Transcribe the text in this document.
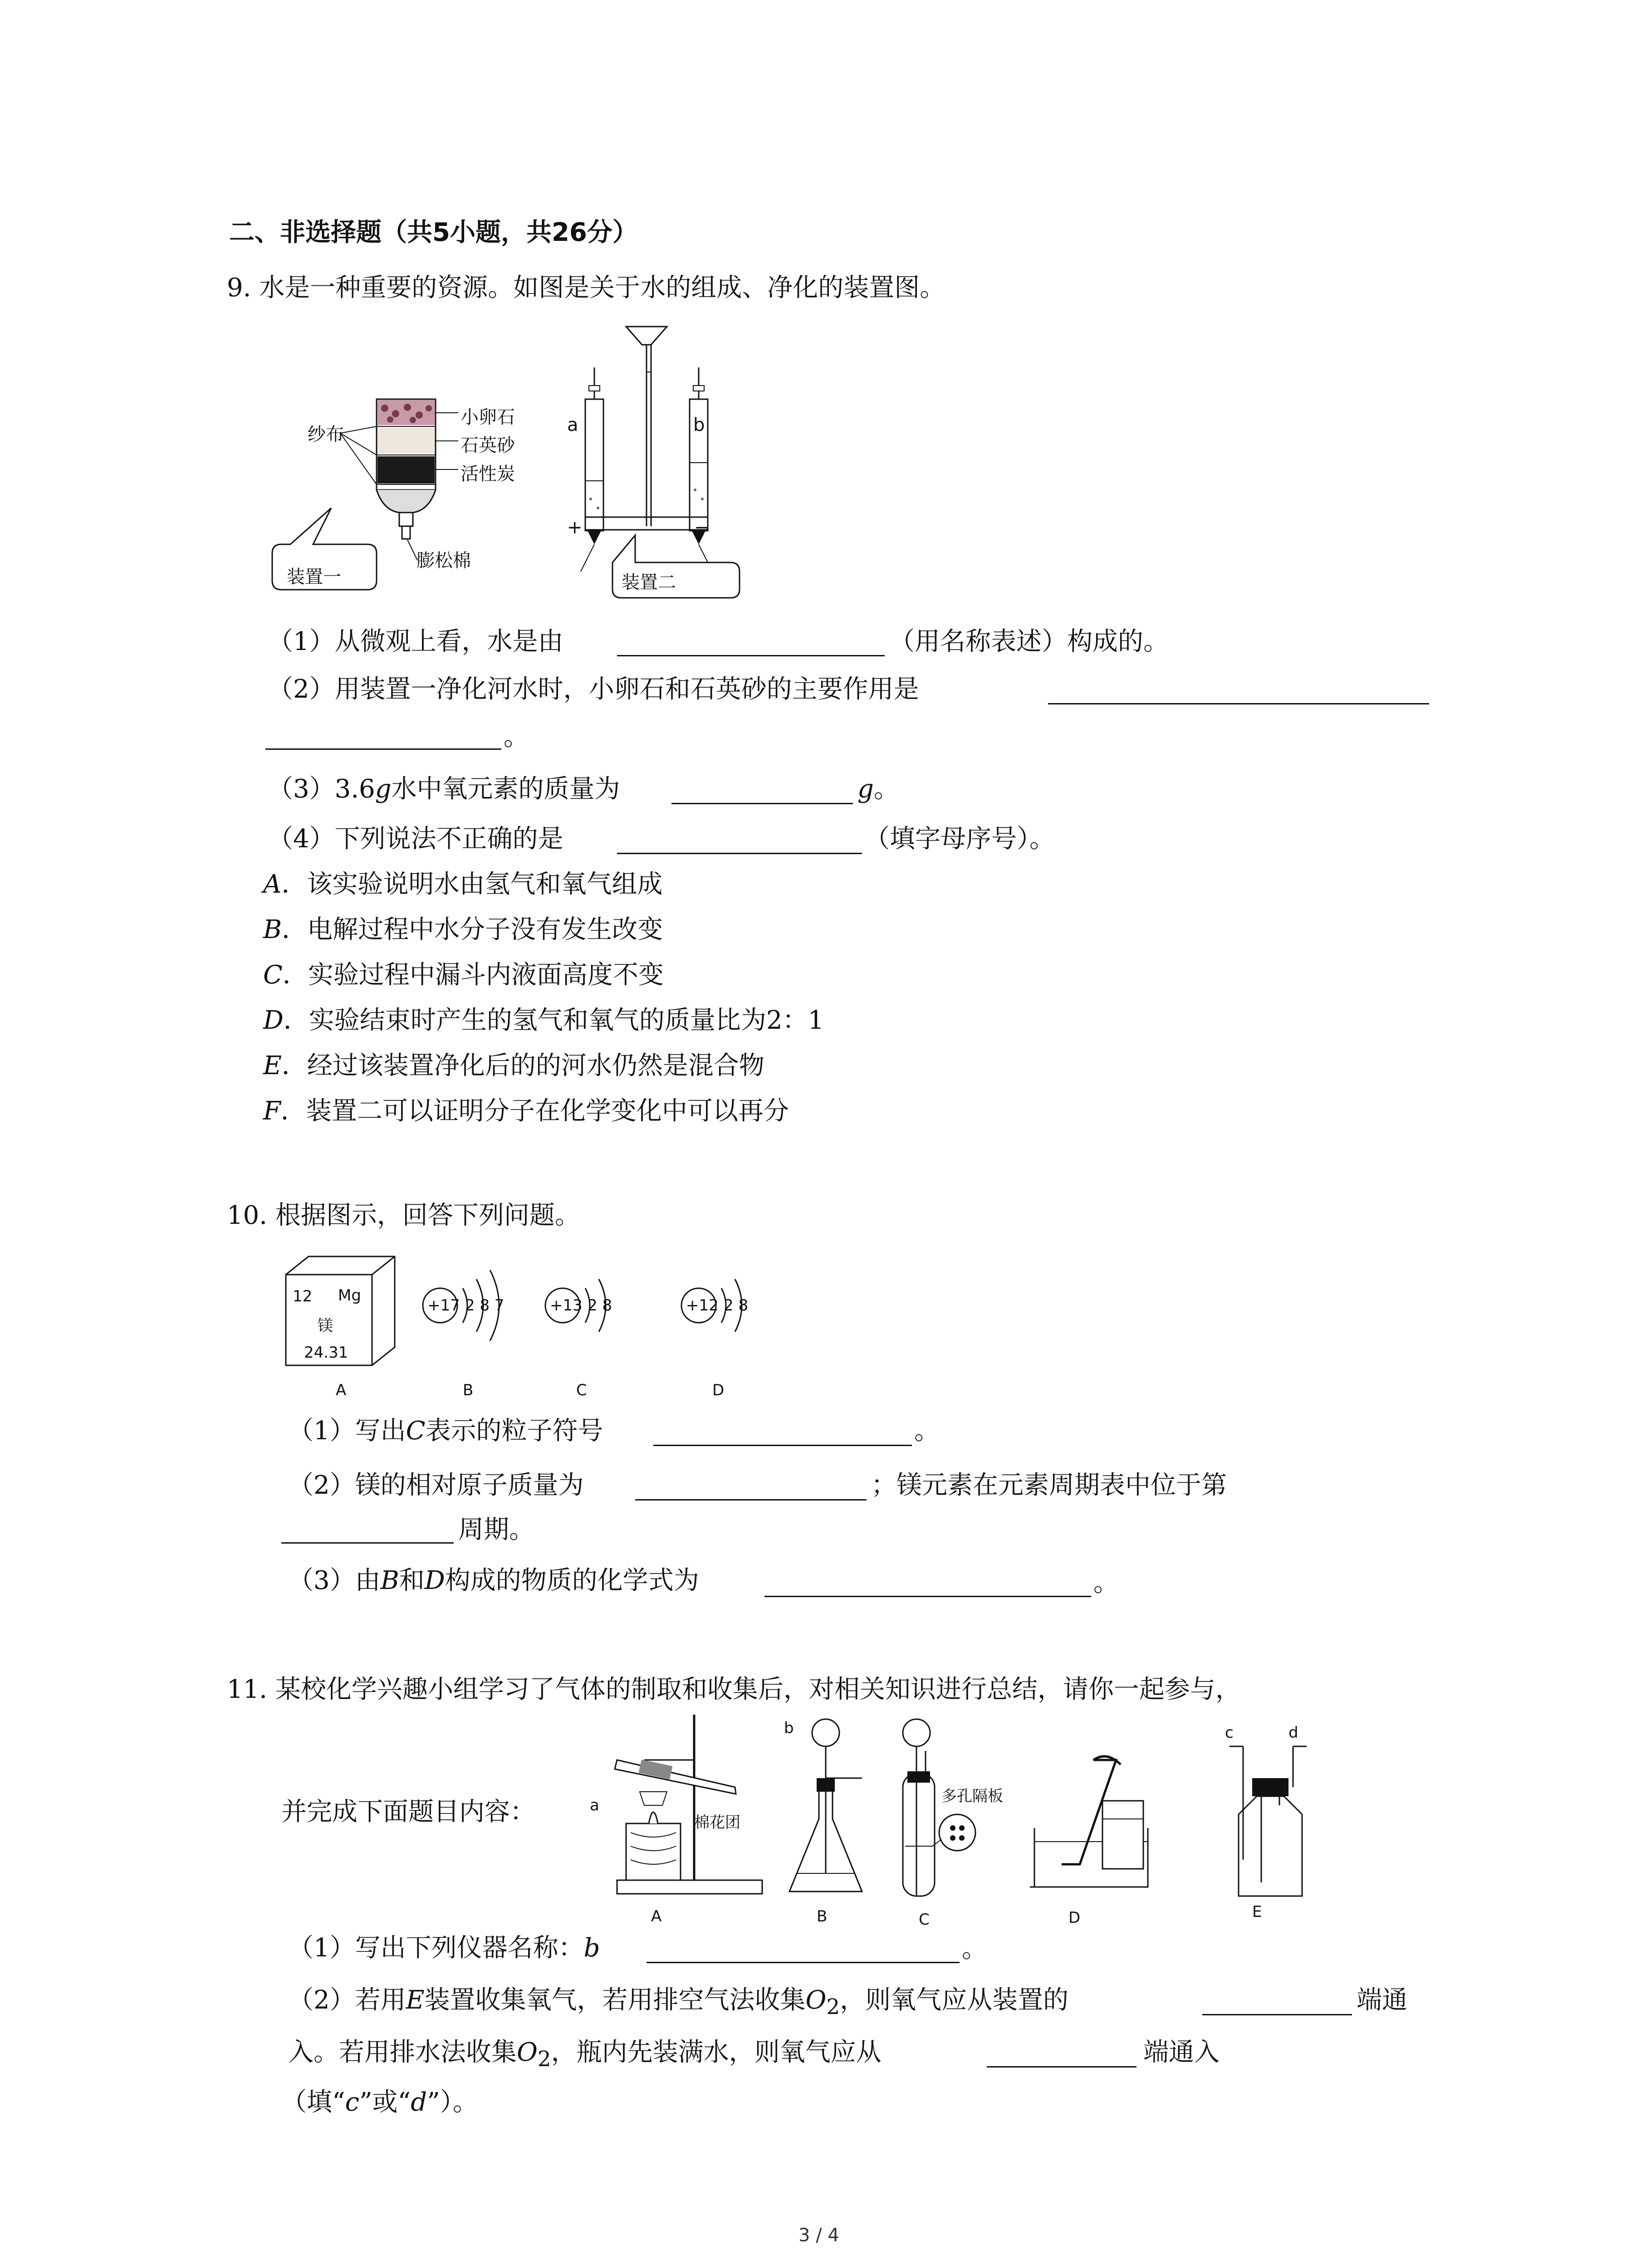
二、非选择题（共5小题，共26分）
9. 水是一种重要的资源。如图是关于水的组成、净化的装置图。
纱布
小卵石
石英砂
活性炭
膨松棉
装置一
a	b
+	−
装置二
（1）从微观上看，水是由	（用名称表述）构成的。
（2）用装置一净化河水时，小卵石和石英砂的主要作用是
。
（3）3.6g水中氧元素的质量为	g。
（4）下列说法不正确的是	（填字母序号）。
A．该实验说明水由氢气和氧气组成
B．电解过程中水分子没有发生改变
C．实验过程中漏斗内液面高度不变
D．实验结束时产生的氢气和氧气的质量比为2：1
E．经过该装置净化后的的河水仍然是混合物
F．装置二可以证明分子在化学变化中可以再分
10. 根据图示，回答下列问题。
12 Mg
镁
24.31
A
+17 2 8 7
B
+13 2 8
C
+12 2 8
D
（1）写出C表示的粒子符号	。
（2）镁的相对原子质量为	；镁元素在元素周期表中位于第
周期。
（3）由B和D构成的物质的化学式为	。
11. 某校化学兴趣小组学习了气体的制取和收集后，对相关知识进行总结，请你一起参与，
并完成下面题目内容：	a
棉花团
A
b
B
多孔隔板
C	D
c	d
E
（1）写出下列仪器名称：b	。
（2）若用E装置收集氧气，若用排空气法收集$O_2$，则氧气应从装置的	端通
入。若用排水法收集$O_2$，瓶内先装满水，则氧气应从	端通入
（填“c”或“d”）。
3 / 4
